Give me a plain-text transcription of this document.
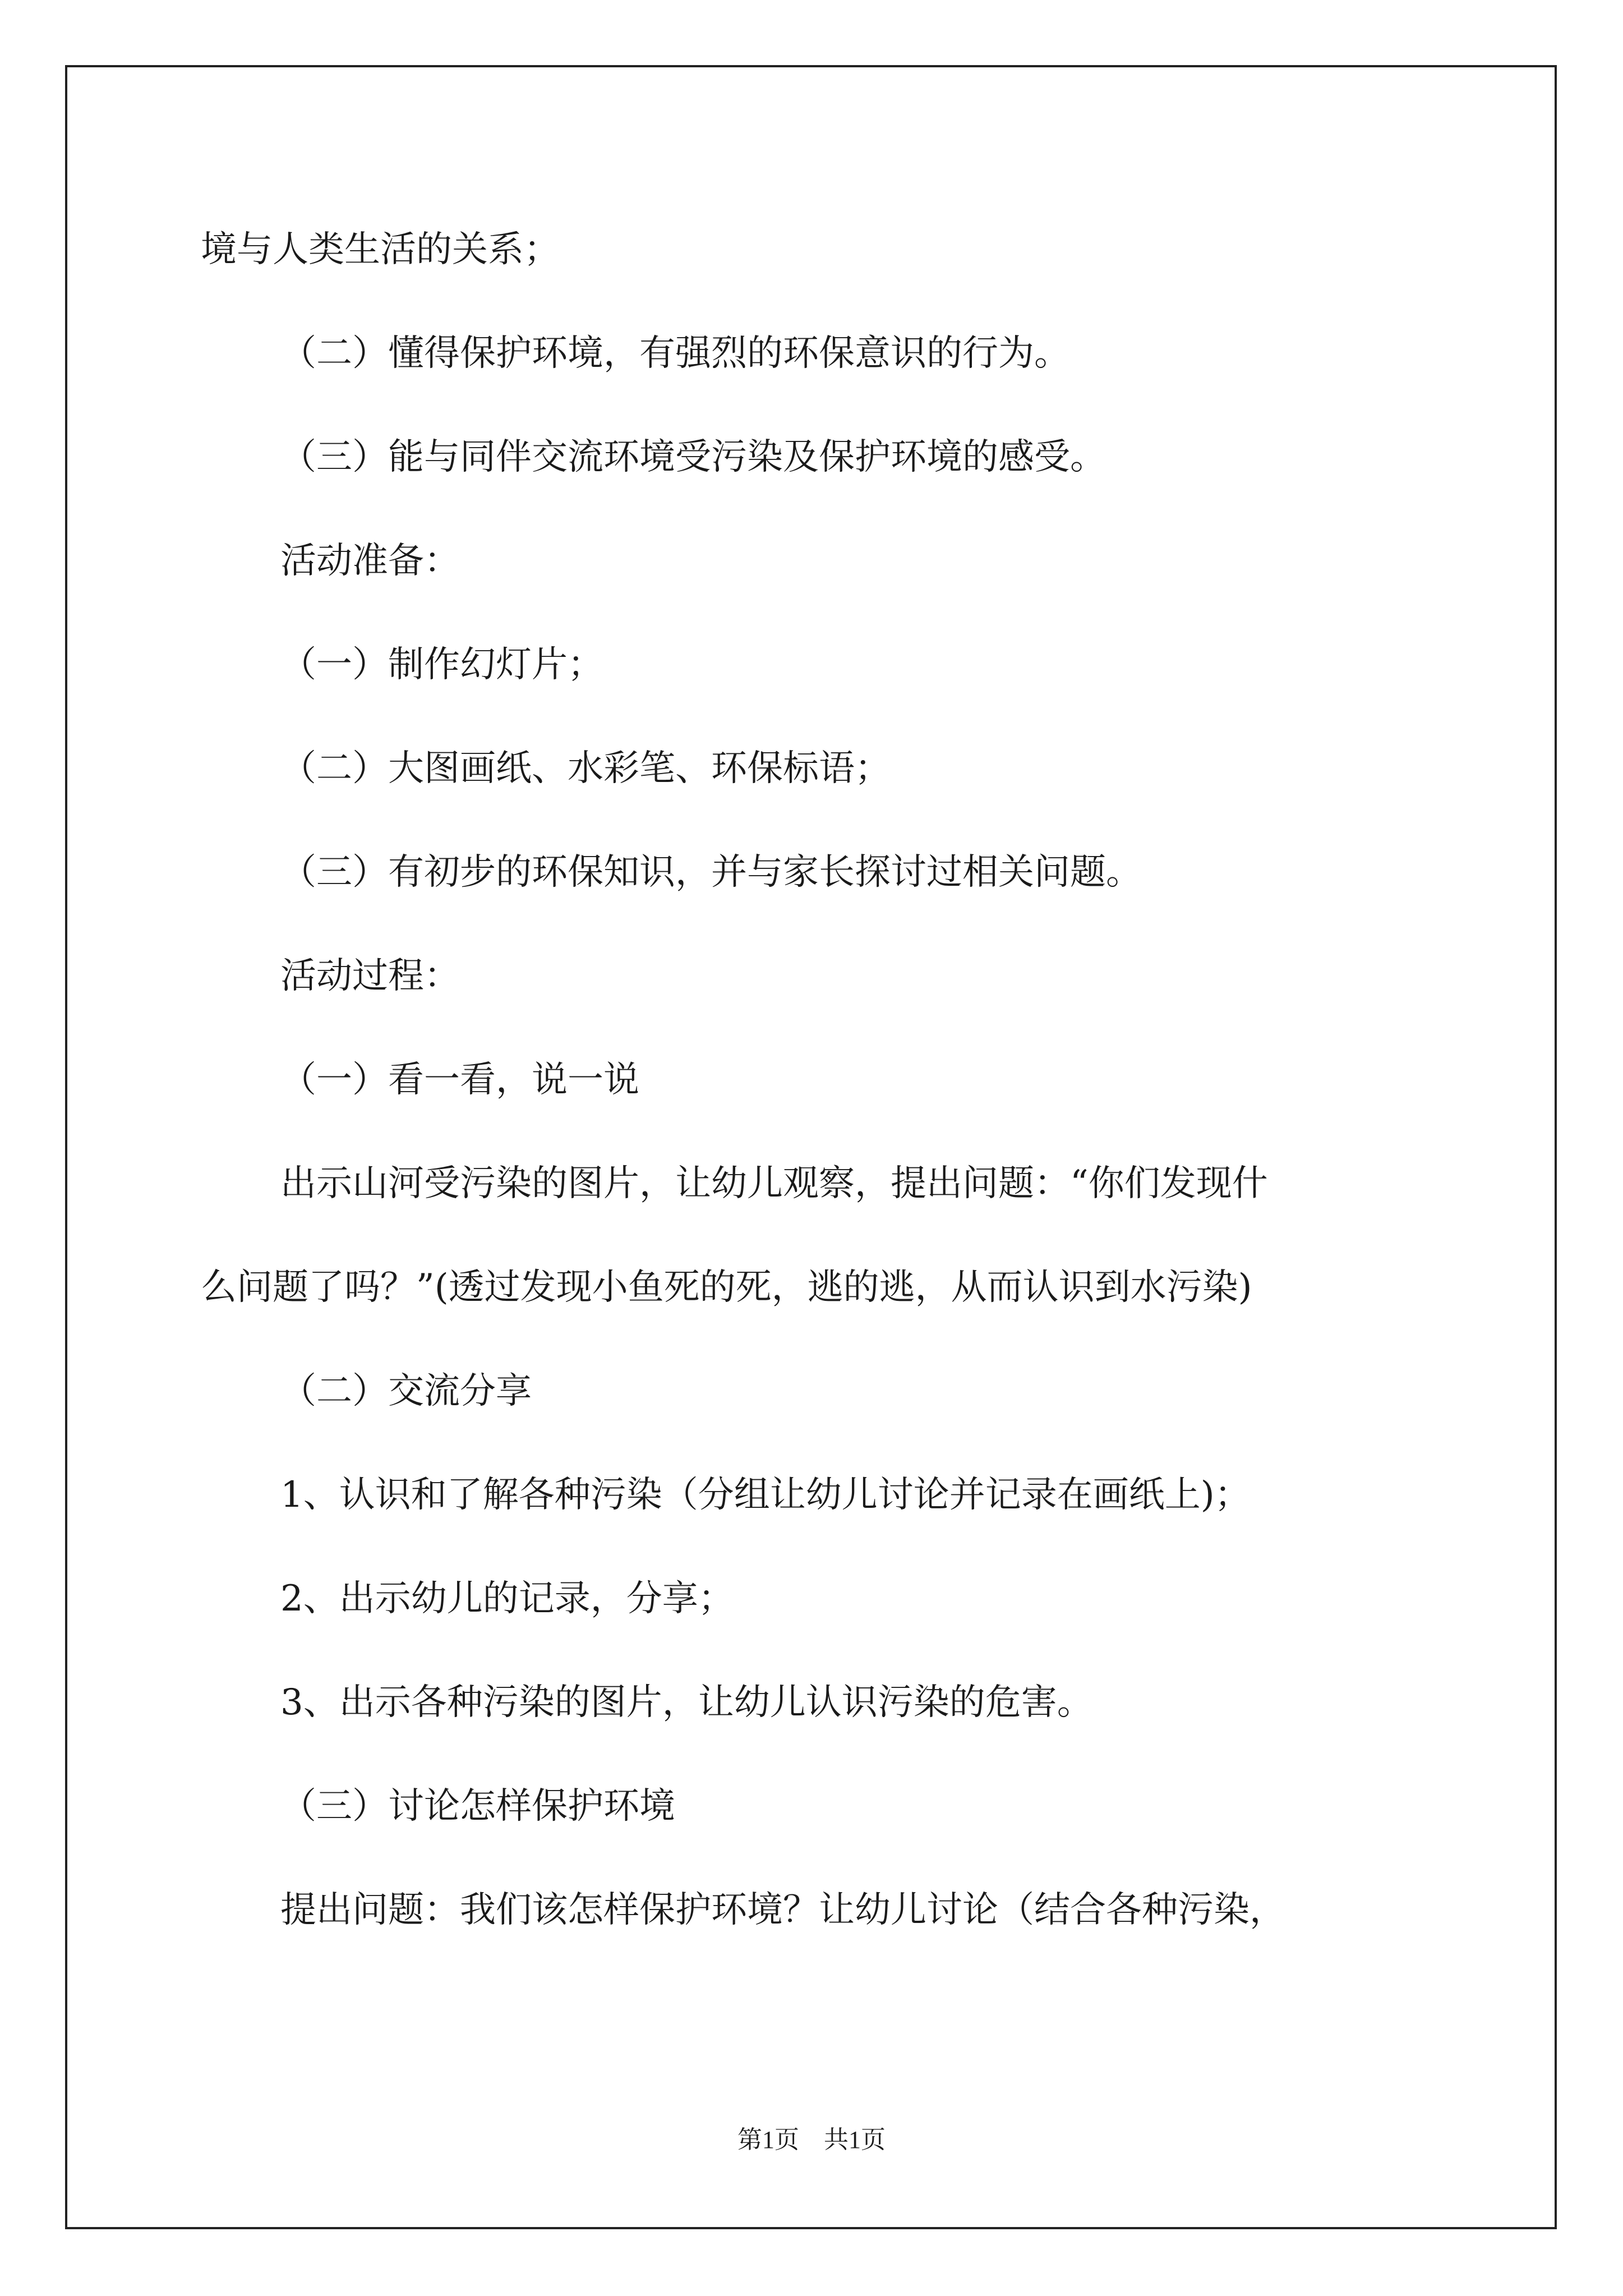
境与人类生活的关系；
（二）懂得保护环境，有强烈的环保意识的行为。
（三）能与同伴交流环境受污染及保护环境的感受。
活动准备：
（一）制作幻灯片；
（二）大图画纸、水彩笔、环保标语；
（三）有初步的环保知识，并与家长探讨过相关问题。
活动过程：
（一）看一看，说一说
出示山河受污染的图片，让幼儿观察，提出问题：“你们发现什
么问题了吗？”(透过发现小鱼死的死，逃的逃，从而认识到水污染)
（二）交流分享
1、认识和了解各种污染（分组让幼儿讨论并记录在画纸上)；
2、出示幼儿的记录，分享；
3、出示各种污染的图片，让幼儿认识污染的危害。
（三）讨论怎样保护环境
提出问题：我们该怎样保护环境？让幼儿讨论（结合各种污染，
第1页　共1页
